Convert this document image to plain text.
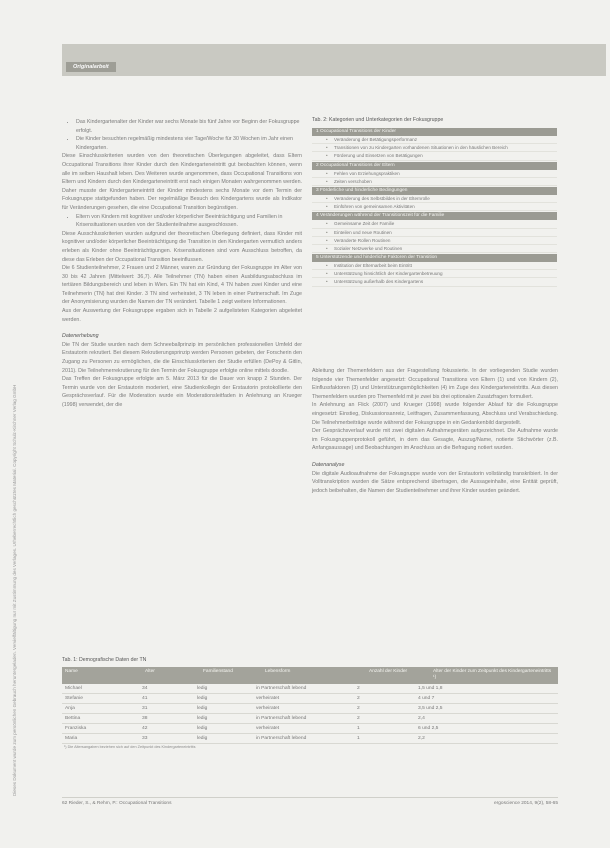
Originalarbeit
Dieses Dokument wurde zum persönlichen Gebrauch heruntergeladen. Vervielfältigung nur mit Zustimmung des Verlages. Urheberrechtlich geschütztes Material. Copyright Schulz-Kirchner Verlag GmbH
• Das Kindergartenalter der Kinder war sechs Monate bis fünf Jahre vor Beginn der Fokusgruppe erfolgt.
• Die Kinder besuchten regelmäßig mindestens vier Tage/Woche für 30 Wochen im Jahr einen Kindergarten.

Diese Einschlusskriterien wurden von den theoretischen Überlegungen abgeleitet, dass Eltern Occupational Transitions ihrer Kinder durch den Kindergarteneintritt gut beobachten können, wenn alle im selben Haushalt leben. Des Weiteren wurde angenommen, dass Occupational Transitions von Eltern und Kindern durch den Kindergarteneintritt erst nach einigen Monaten wahrgenommen werden. Daher musste der Kindergarteneintritt der Kinder mindestens sechs Monate vor dem Termin der Fokusgruppe stattgefunden haben. Der regelmäßige Besuch des Kindergartens wurde als Indikator für Veränderungen gesehen, die eine Occupational Transition begünstigen.

• Eltern von Kindern mit kognitiver und/oder körperlicher Beeinträchtigung und Familien in Krisensituationen wurden von der Studienteilnahme ausgeschlossen.

Diese Ausschlusskriterien wurden aufgrund der theoretischen Überlegung definiert, dass Kinder mit kognitiver und/oder körperlicher Beeinträchtigung die Transition in den Kindergarten vermutlich anders erleben als Kinder ohne Beeinträchtigungen. Krisensituationen sind vom Ausschluss betroffen, da diese das Erleben der Occupational Transition beeinflussen.

Die 6 Studienteilnehmer, 2 Frauen und 2 Männer, waren zur Gründung der Fokusgruppe im Alter von 30 bis 42 Jahren (Mittelwert: 36,7). Alle Teilnehmer (TN) haben einen Ausbildungsabschluss im tertiären Bildungsbereich und leben in Wien. Ein TN hat ein Kind, 4 TN haben zwei Kinder und eine Teilnehmerin (TN) hat drei Kinder. 3 TN sind verheiratet, 3 TN leben in einer Partnerschaft. Im Zuge der Anonymisierung wurden die Namen der TN verändert. Tabelle 1 zeigt weitere Informationen.

Aus der Auswertung der Fokusgruppe ergaben sich in Tabelle 2 aufgelisteten Kategorien abgeleitet werden.

Datenerhebung

Die TN der Studie wurden nach dem Schneeballprinzip im persönlichen professionellen Umfeld der Erstautorin rekrutiert. Bei diesem Rekrutierungsprinzip werden Personen gebeten, der Forscherin den Zugang zu Personen zu ermöglichen, die die Einschlusskriterien der Studie erfüllen (DePoy & Gitlin, 2011). Die Teilnehmerrekrutierung für den Termin der Fokusgruppe erfolgte online mittels doodle.

Das Treffen der Fokusgruppe erfolgte am 5. März 2013 für die Dauer von knapp 2 Stunden. Der Termin wurde von der Erstautorin moderiert, eine Studienkollegin der Erstautorin protokollierte den Gesprächsverlauf. Für die Moderation wurde ein Moderationsleitfaden in Anlehnung an Krueger (1998) verwendet, der die

Tab. 2: Kategorien und Unterkategorien der Fokusgruppe
1 Occupational Transitions der Kinder
• Veränderung der Betätigungsperformanz
• Transitionen von zu Kindergarten vorhandenen Situationen in den häuslichen Bereich
• Förderung und Einsetzen von Betätigungen
2 Occupational Transitions der Eltern
• Fehlen von Erziehungspraktiken
• Zeiten verschoben
3 Förderliche und hinderliche Bedingungen
• Veränderung des Selbstbildes in der Elternrolle
• Einführen von gemeinsamen Aktivitäten
4 Veränderungen während der Transitionszeit für die Familie
• Gemeinsame Zeit der Familie
• Einteilen und neue Routinen
• Veränderte Rollen Routinen
• Sozialer Netzwerke und Routinen
5 Unterstützende und hinderliche Faktoren der Transition
• Institution der Elternarbeit beim Eintritt
• Unterstützung hinsichtlich der Kindergartenbetreuung
• Unterstützung außerhalb des Kindergartens

Ableitung der Themenfeldern aus der Fragestellung fokussierte. In der vorliegenden Studie wurden folgende vier Themenfelder angesetzt: Occupational Transitions von Eltern (1) und von Kindern (2), Einflussfaktoren (3) und Unterstützungsmöglichkeiten (4) im Zuge des Kindergarteneintritts. Aus diesen Themenfeldern wurden pro Themenfeld mit je zwei bis drei optionalen Zusatzfragen formuliert.

In Anlehnung an Flick (2007) und Krueger (1998) wurde folgender Ablauf für die Fokusgruppe eingesetzt: Einstieg, Diskussionsanreiz, Leitfragen, Zusammenfassung, Abschluss und Verabschiedung. Die Teilnehmerbeiträge wurde während der Fokusgruppe in ein Gedankenbild dargestellt.

Der Gesprächsverlauf wurde mit zwei digitalen Aufnahmegeräten aufgezeichnet. Die Aufnahme wurde im Fokusgruppenprotokoll geführt, in dem das Gesagte, Auszug/Name, notierte Stichwörter (z.B. Anfangsaussage) und Beobachtungen im Anschluss an die Befragung notiert wurden.

Datenanalyse

Die digitale Audioaufnahme der Fokusgruppe wurde von der Erstautorin vollständig transkribiert. In der Volltranskription wurden die Sätze entsprechend übertragen, die Aussageinhalte, eine Entität geprüft, jedoch beibehalten, die Namen der Studienteilnehmer und ihrer Kinder wurden geändert.

Tab. 1: Demografische Daten der TN
Name	Alter	Familienstand	Lebensform	Anzahl der Kinder	Alter der Kinder zum Zeitpunkt des Kindergarteneintritts ¹)
Michael	34	ledig	in Partnerschaft lebend	2	1,5 und 1,8
Stefanie	41	ledig	verheiratet	2	4 und 7
Anja	31	ledig	verheiratet	2	3,5 und 2,5
Bettina	38	ledig	in Partnerschaft lebend	2	2,4
Franziska	42	ledig	verheiratet	1	6 und 2,5
Maria	33	ledig	in Partnerschaft lebend	1	2,2
¹) Die Altersangaben beziehen sich auf den Zeitpunkt des Kindergarteneintritts
62 Rieder, S., & Rehm, P.: Occupational Transitions	ergoscience 2014, 9(2), 58-65
